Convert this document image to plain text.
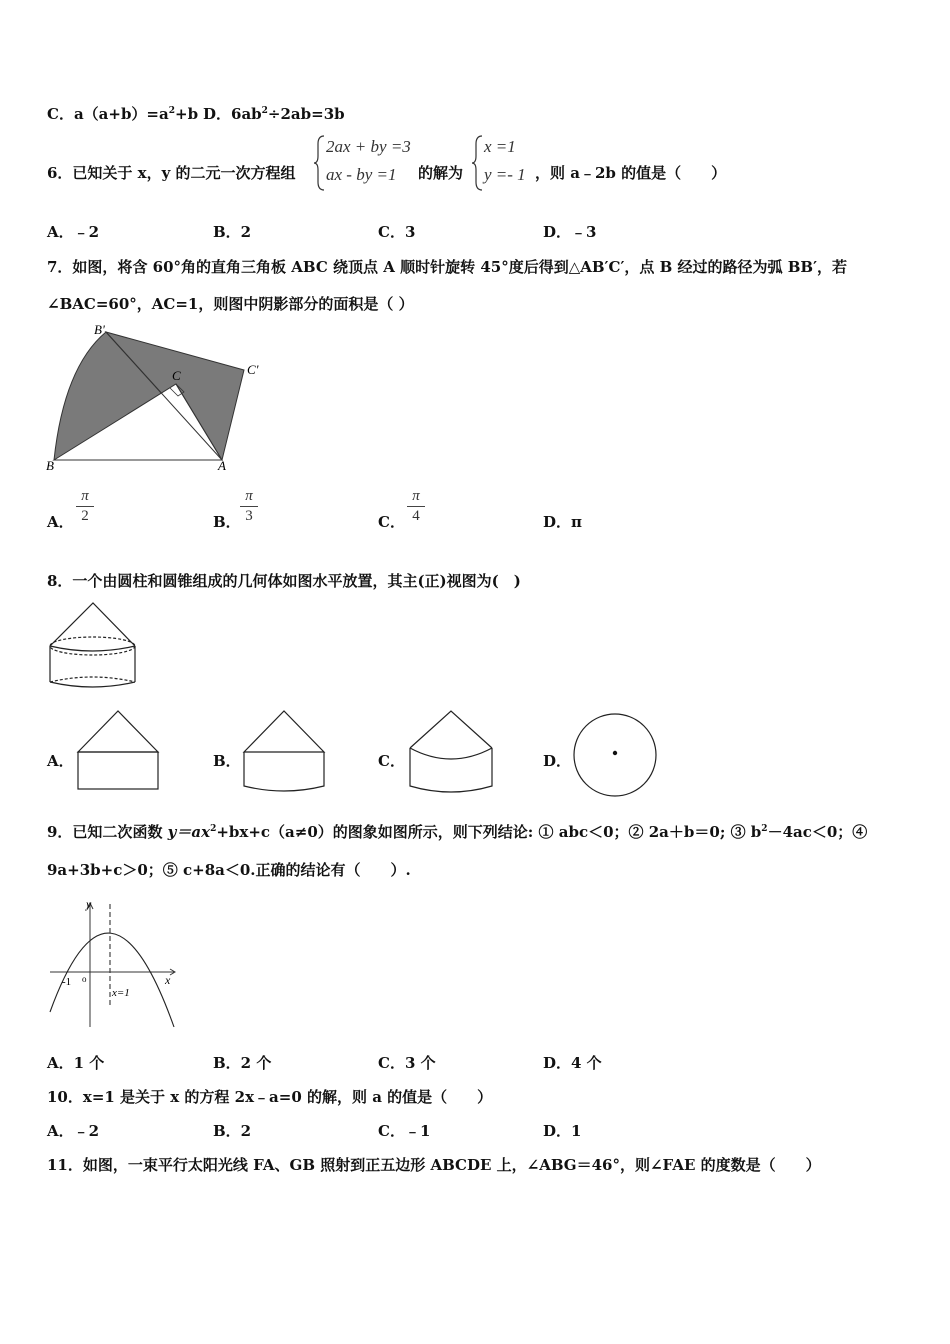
C．$a(a+b)=a^2+b$ D．$6ab^2\div 2ab=3b$
6．已知关于 x，y 的二元一次方程组
2ax + by =3
ax - by =1 的解为
x =1
y =- 1 ，则 a﹣2b 的值是（　　）
A．﹣2	B．2	C．3	D．﹣3
7．如图，将含 60°角的直角三角板 ABC 绕顶点 A 顺时针旋转 45°度后得到△AB′C′，点 B 经过的路径为弧 BB′，若
∠BAC=60°，AC=1，则图中阴影部分的面积是（ ）
B'
C'
C
B	A
A． $\frac{\pi}{2}$	B． $\frac{\pi}{3}$	C． $\frac{\pi}{4}$	D．π
8．一个由圆柱和圆锥组成的几何体如图水平放置，其主(正)视图为(　)
A．	B．	C．	D．
9．已知二次函数 $y=ax^2+bx+c(a\ne 0)$的图象如图所示，则下列结论: ① abc＜0；② 2a＋b＝0; ③ $b^2-4ac<0$；④
9a+3b+c＞0；⑤ c+8a＜0.正确的结论有（　　）.
y
x
-1 o
x=1
A．1 个	B．2 个	C．3 个	D．4 个
10．x=1 是关于 x 的方程 2x﹣a=0 的解，则 a 的值是（　　）
A．﹣2	B．2	C．﹣1	D．1
11．如图，一束平行太阳光线 FA、GB 照射到正五边形 ABCDE 上，∠ABG＝46°，则∠FAE 的度数是（　　）
